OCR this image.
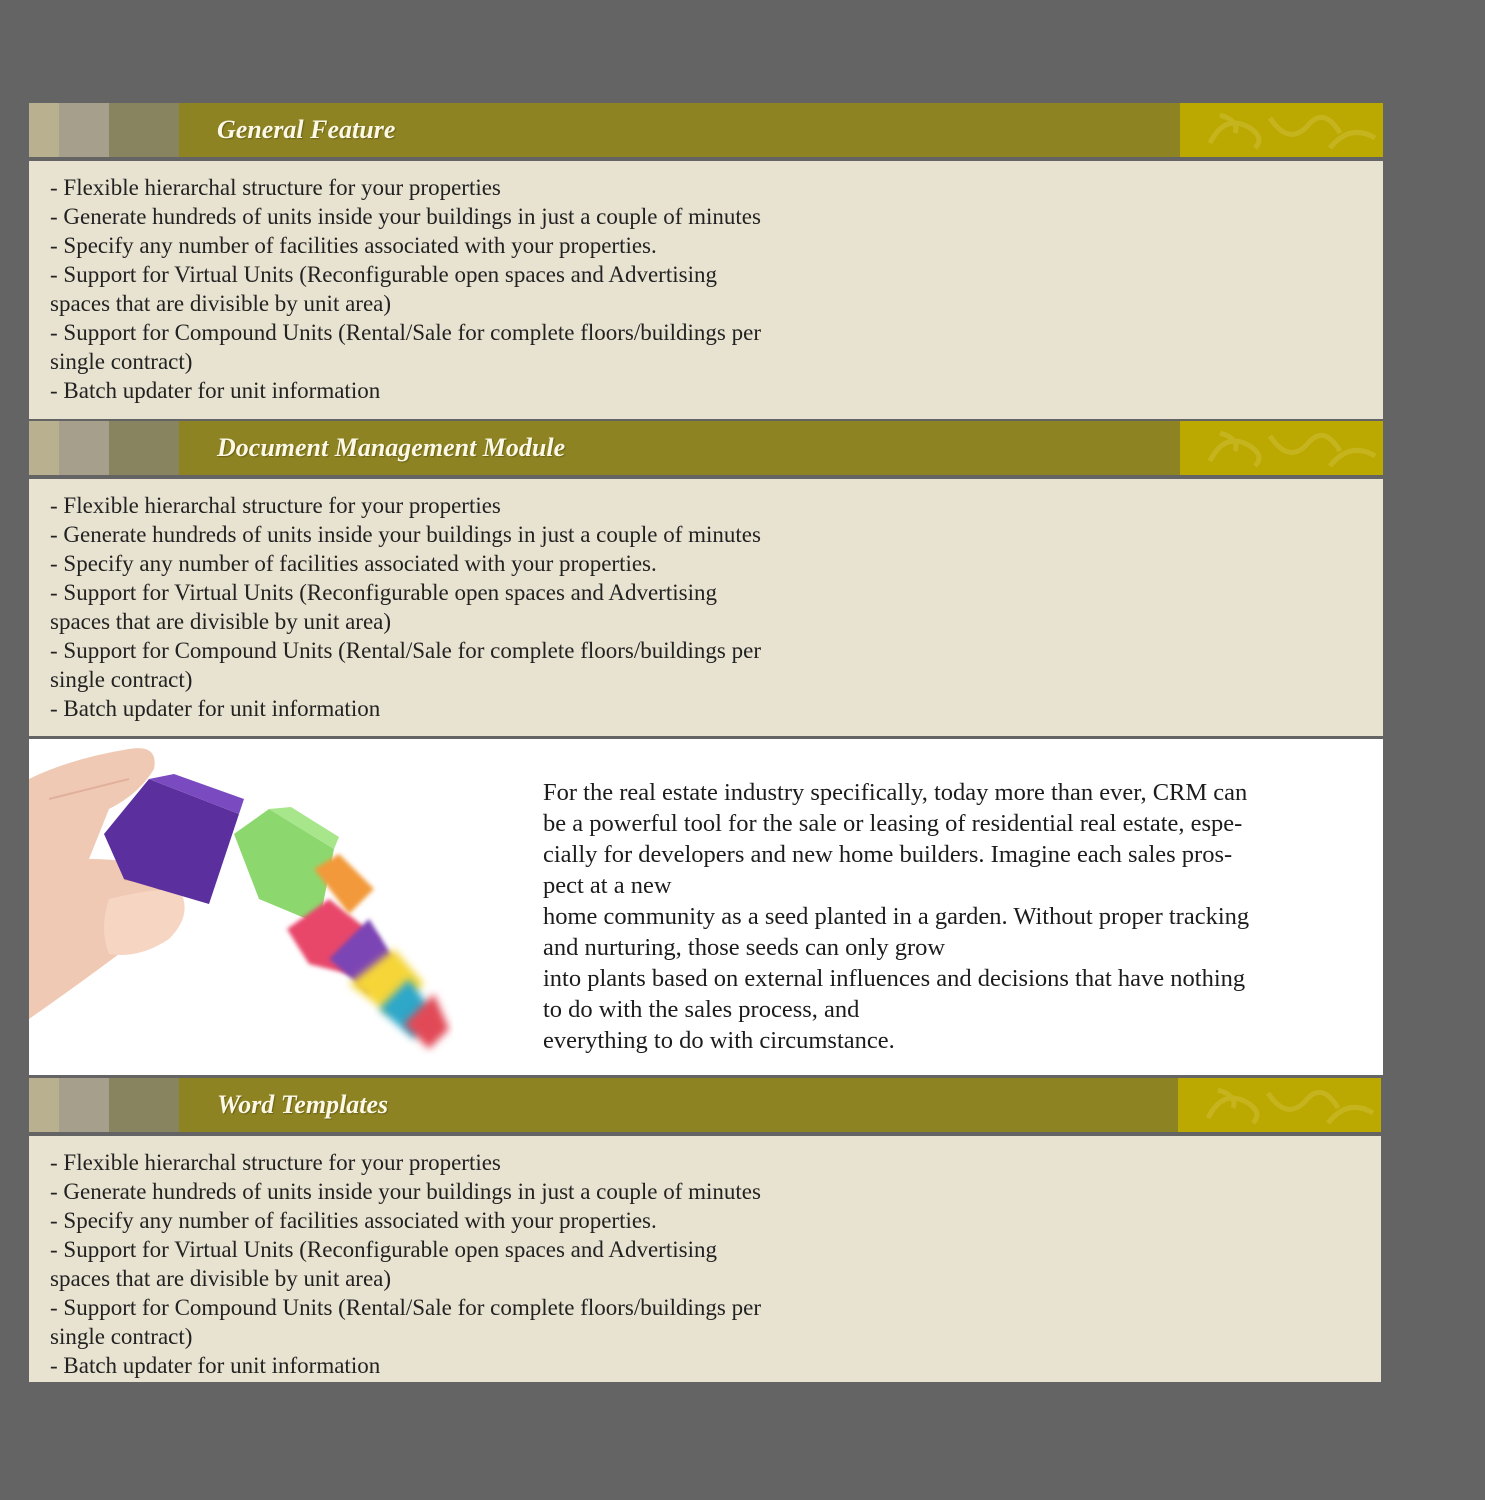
General Feature
- Flexible hierarchal structure for your properties
- Generate hundreds of units inside your buildings in just a couple of minutes
- Specify any number of facilities associated with your properties.
- Support for Virtual Units (Reconfigurable open spaces and Advertising
spaces that are divisible by unit area)
- Support for Compound Units (Rental/Sale for complete floors/buildings per
single contract)
- Batch updater for unit information
Document Management Module
- Flexible hierarchal structure for your properties
- Generate hundreds of units inside your buildings in just a couple of minutes
- Specify any number of facilities associated with your properties.
- Support for Virtual Units (Reconfigurable open spaces and Advertising
spaces that are divisible by unit area)
- Support for Compound Units (Rental/Sale for complete floors/buildings per
single contract)
- Batch updater for unit information
For the real estate industry specifically, today more than ever, CRM can
be a powerful tool for the sale or leasing of residential real estate, espe-
cially for developers and new home builders. Imagine each sales pros-
pect at a new
home community as a seed planted in a garden. Without proper tracking
and nurturing, those seeds can only grow
into plants based on external influences and decisions that have nothing
to do with the sales process, and
everything to do with circumstance.
Word Templates
- Flexible hierarchal structure for your properties
- Generate hundreds of units inside your buildings in just a couple of minutes
- Specify any number of facilities associated with your properties.
- Support for Virtual Units (Reconfigurable open spaces and Advertising
spaces that are divisible by unit area)
- Support for Compound Units (Rental/Sale for complete floors/buildings per
single contract)
- Batch updater for unit information
